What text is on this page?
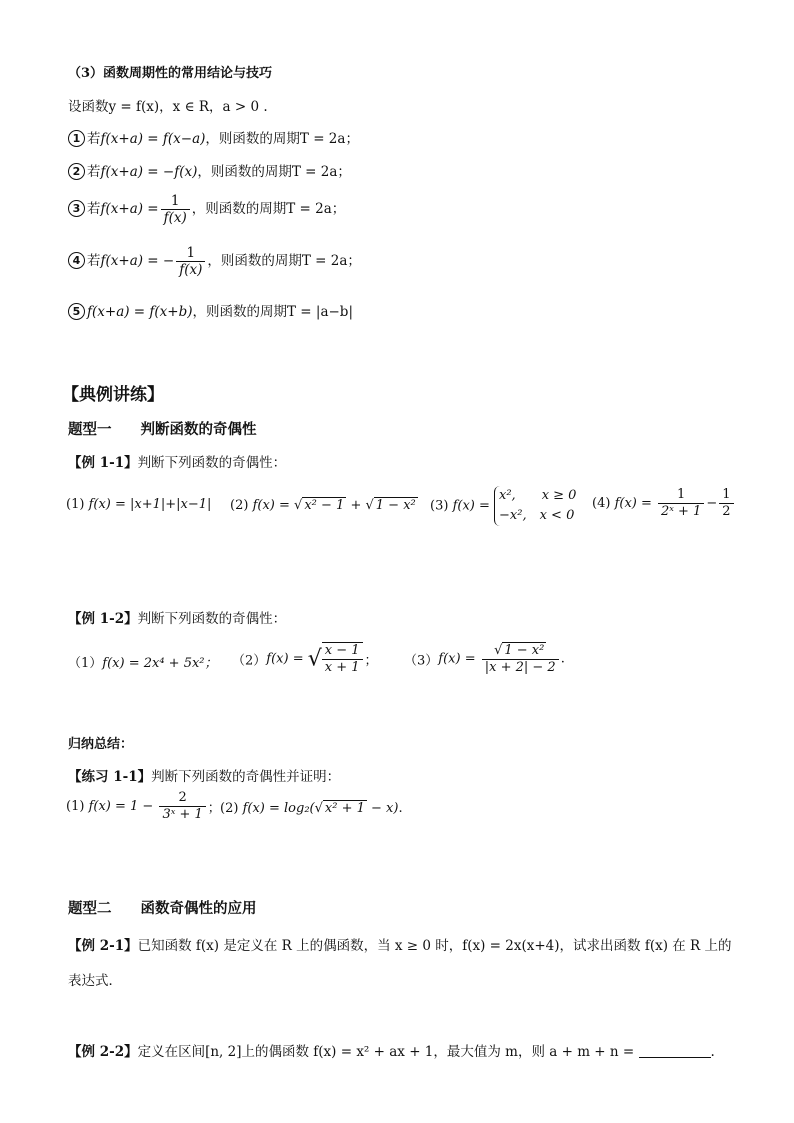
（3）函数周期性的常用结论与技巧
设函数y = f(x)，x ∈ R，a > 0 .
1 若f(x+a) = f(x−a)，则函数的周期T = 2a；
2 若f(x+a) = −f(x)，则函数的周期T = 2a；
3 若$f(x+a) = \frac{1}{f(x)}$ ，则函数的周期T = 2a；
4 若f(x+a) = − $\frac{1}{f(x)}$ ，则函数的周期T = 2a；
5 f(x+a) = f(x+b)，则函数的周期T = |a−b|
【典例讲练】
题型一　　判断函数的奇偶性
【例 1-1】判断下列函数的奇偶性：
(1) f(x) = |x+1|+|x−1| (2) f(x) = √ x² − 1 + √ 1 − x² (3) f(x) =
x²,　　x ≥ 0
−x²,　x < 0
(4) $f(x) = \frac{1}{\text{2ˣ + 1}} - \frac{1}{2}$
【例 1-2】判断下列函数的奇偶性：
（1）f(x) = 2x⁴ + 5x²； （2）f(x) = √ $\frac{x - 1}{x + 1}$ ； $(3)f(x) = \frac{\text{√ 1 − x²}}{|x + 2| - 2}$ .
归纳总结：
【练习 1-1】判断下列函数的奇偶性并证明：
(1) $f(x) = 1 - \frac{2}{\text{3ˣ + 1}}$ ； (2) f(x) = log₂(√ x² + 1 − x).
题型二　　函数奇偶性的应用
【例 2-1】已知函数 f(x) 是定义在 R 上的偶函数，当 x ≥ 0 时，f(x) = 2x(x+4)，试求出函数 f(x) 在 R 上的
表达式．
【例 2-2】定义在区间[n, 2]上的偶函数 f(x) = x² + ax + 1，最大值为 m，则 a + m + n =	.
